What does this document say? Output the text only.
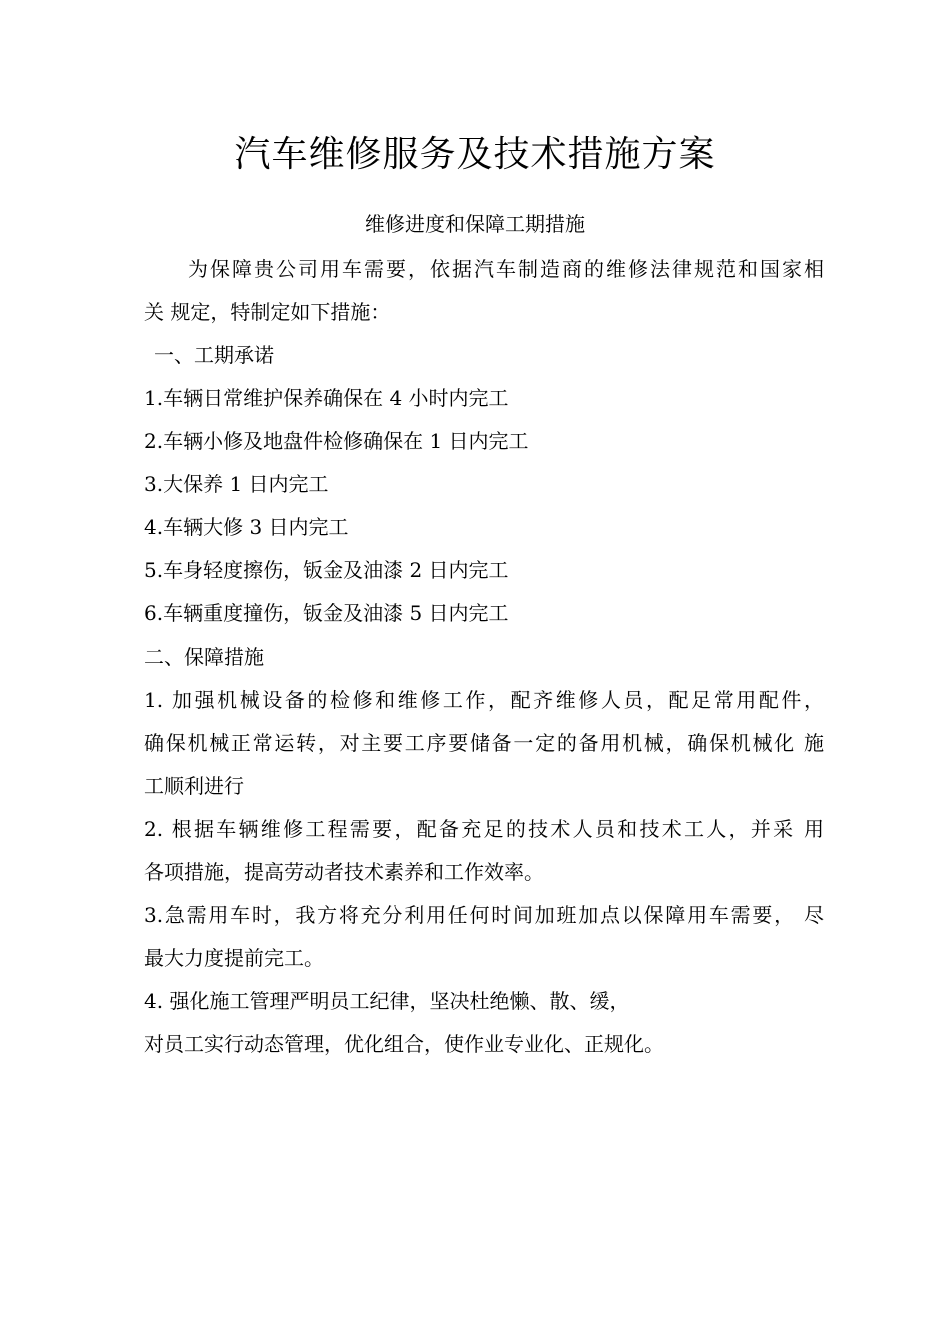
汽车维修服务及技术措施方案
维修进度和保障工期措施
为保障贵公司用车需要，依据汽车制造商的维修法律规范和国家相
关 规定，特制定如下措施：
一、工期承诺
1.车辆日常维护保养确保在 4 小时内完工
2.车辆小修及地盘件检修确保在 1 日内完工
3.大保养 1 日内完工
4.车辆大修 3 日内完工
5.车身轻度擦伤，钣金及油漆 2 日内完工
6.车辆重度撞伤，钣金及油漆 5 日内完工
二、保障措施
1. 加强机械设备的检修和维修工作，配齐维修人员，配足常用配件，
确保机械正常运转，对主要工序要储备一定的备用机械，确保机械化 施
工顺利进行
2. 根据车辆维修工程需要，配备充足的技术人员和技术工人，并采 用
各项措施，提高劳动者技术素养和工作效率。
3.急需用车时，我方将充分利用任何时间加班加点以保障用车需要， 尽
最大力度提前完工。
4. 强化施工管理严明员工纪律，坚决杜绝懒、散、缓，
对员工实行动态管理，优化组合，使作业专业化、正规化。
